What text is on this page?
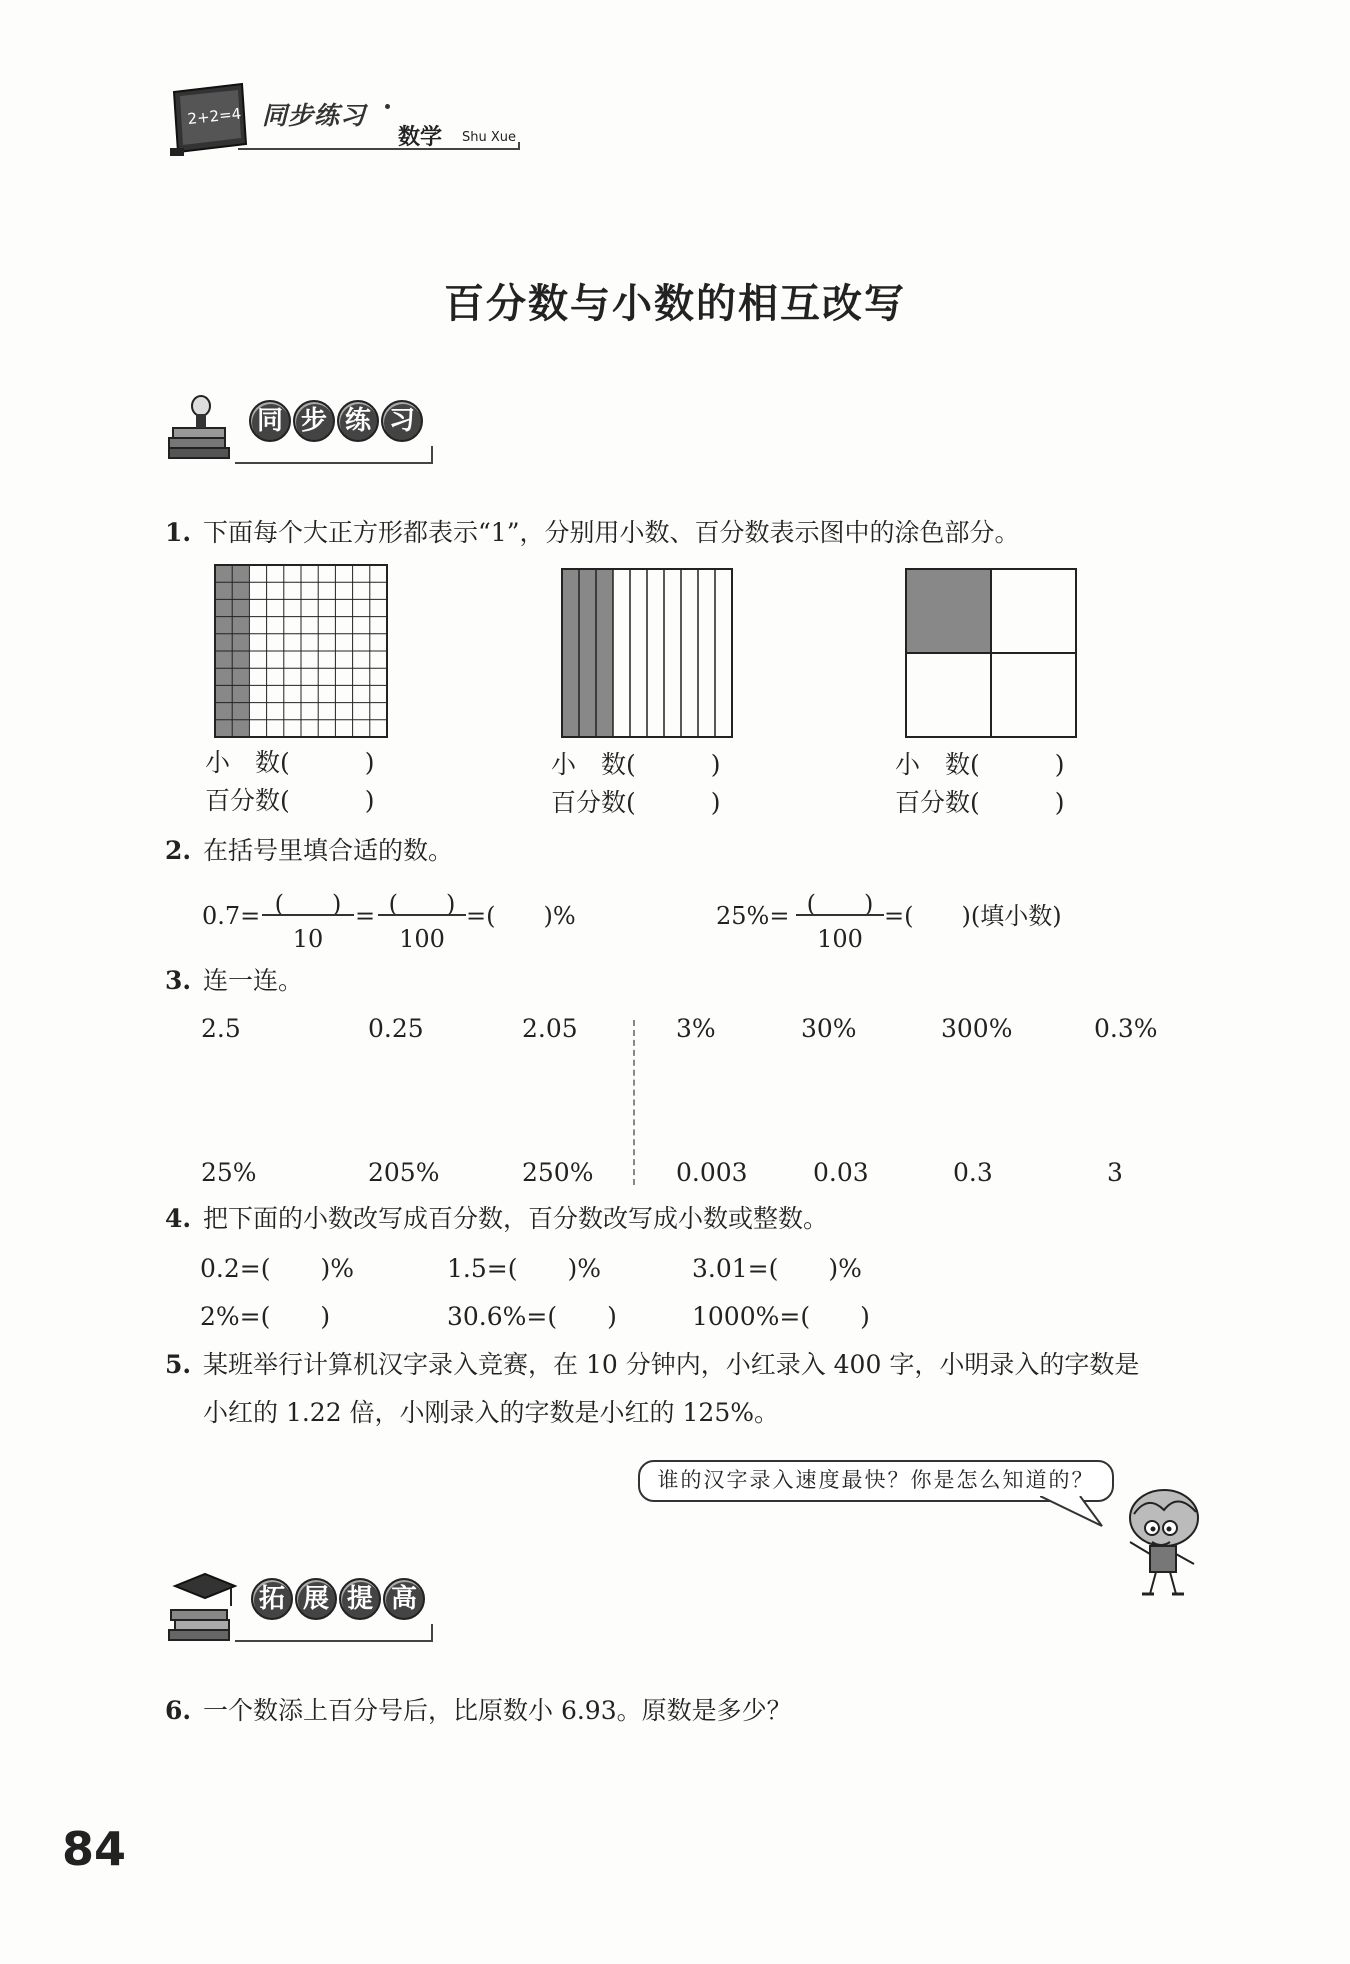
2+2=4 同步练习
数学 Shu Xue
百分数与小数的相互改写
同 步 练 习
1. 下面每个大正方形都表示“1”，分别用小数、百分数表示图中的涂色部分。
小　数(　　　)
百分数(　　　)
小　数(　　　)
百分数(　　　)
小　数(　　　)
百分数(　　　)
2. 在括号里填合适的数。
0.7= (　　)
10
= (　　)
100
=(　　)%	25%= (　　)
100
=(　　)(填小数)
3. 连一连。
2.5	0.25	2.05	3%	30%	300%	0.3%
25%	205%	250%	0.003	0.03	0.3	3
4. 把下面的小数改写成百分数，百分数改写成小数或整数。
0.2=(　　)%	1.5=(　　)%	3.01=(　　)%
2%=(　　)	30.6%=(　　)	1000%=(　　)
5. 某班举行计算机汉字录入竞赛，在 10 分钟内，小红录入 400 字，小明录入的字数是
小红的 1.22 倍，小刚录入的字数是小红的 125%。
谁的汉字录入速度最快？你是怎么知道的？
拓 展 提 高
6. 一个数添上百分号后，比原数小 6.93。原数是多少？
84
